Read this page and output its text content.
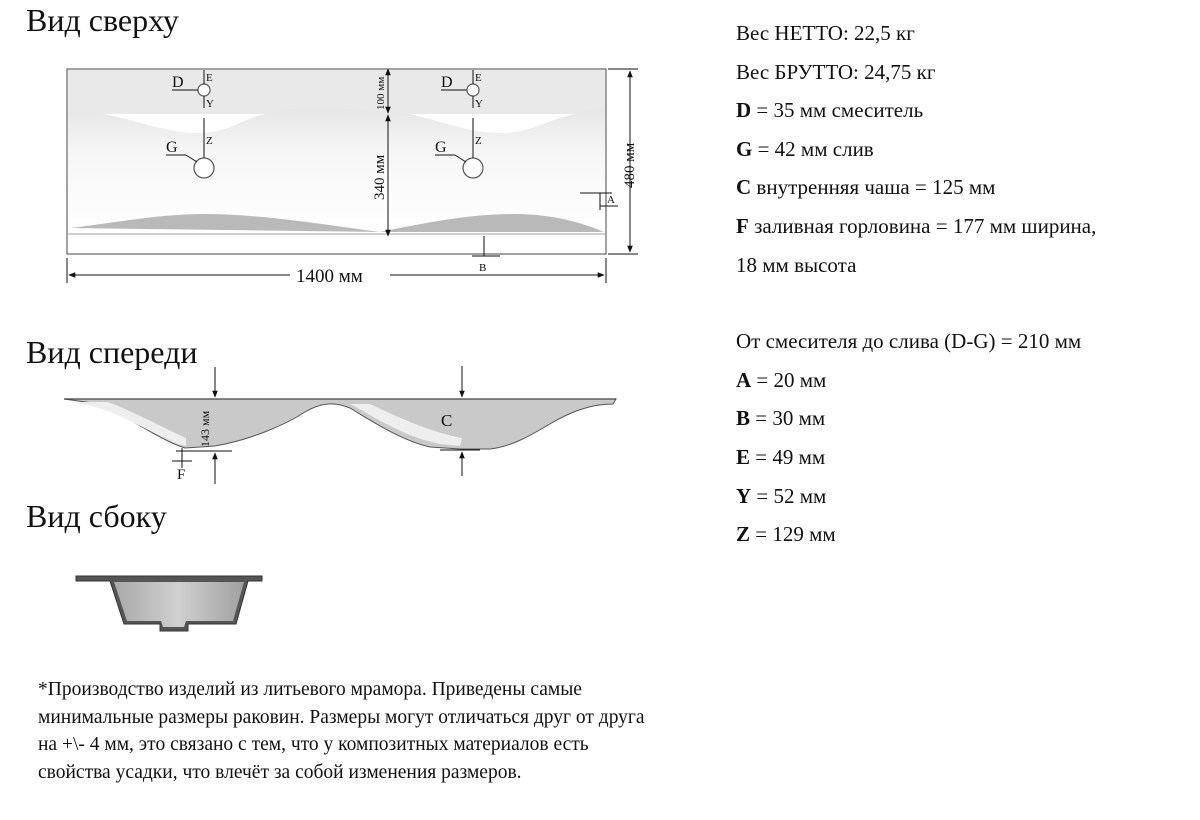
Вид сверху
Вид спереди
Вид сбоку
D E
Y
Z
G
D E
Y
Z
G
100 мм
340 мм	480 мм
A
B
1400 мм
143 мм
F
C
Вес НЕТТО: 22,5 кг
Вес БРУТТО: 24,75 кг
D = 35 мм смеситель
G = 42 мм слив
C внутренняя чаша = 125 мм
F заливная горловина = 177 мм ширина,
18 мм высота
От смесителя до слива (D-G) = 210 мм
A = 20 мм
B = 30 мм
E = 49 мм
Y = 52 мм
Z = 129 мм
*Производство изделий из литьевого мрамора. Приведены самые минимальные размеры раковин. Размеры могут отличаться друг от друга на +\- 4 мм, это связано с тем, что у композитных материалов есть свойства усадки, что влечёт за собой изменения размеров.
